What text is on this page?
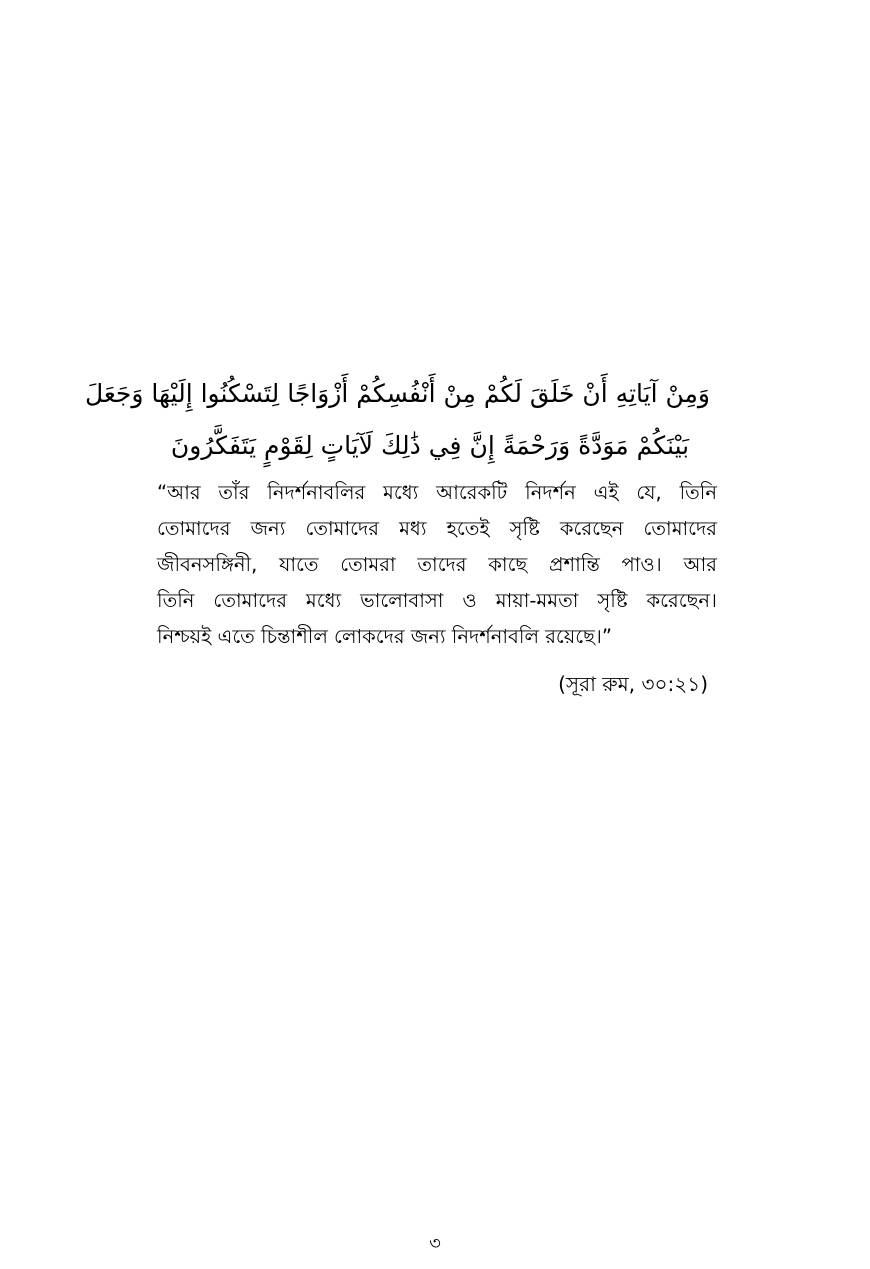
وَمِنْ آيَاتِهِ أَنْ خَلَقَ لَكُمْ مِنْ أَنْفُسِكُمْ أَزْوَاجًا لِتَسْكُنُوا إِلَيْهَا وَجَعَلَ
بَيْنَكُمْ مَوَدَّةً وَرَحْمَةً إِنَّ فِي ذَٰلِكَ لَآيَاتٍ لِقَوْمٍ يَتَفَكَّرُونَ
“আর তাঁর নিদর্শনাবলির মধ্যে আরেকটি নিদর্শন এই যে, তিনি
তোমাদের জন্য তোমাদের মধ্য হতেই সৃষ্টি করেছেন তোমাদের
জীবনসঙ্গিনী, যাতে তোমরা তাদের কাছে প্রশান্তি পাও। আর
তিনি তোমাদের মধ্যে ভালোবাসা ও মায়া-মমতা সৃষ্টি করেছেন।
নিশ্চয়ই এতে চিন্তাশীল লোকদের জন্য নিদর্শনাবলি রয়েছে।”
(সূরা রুম, ৩০:২১)
৩
